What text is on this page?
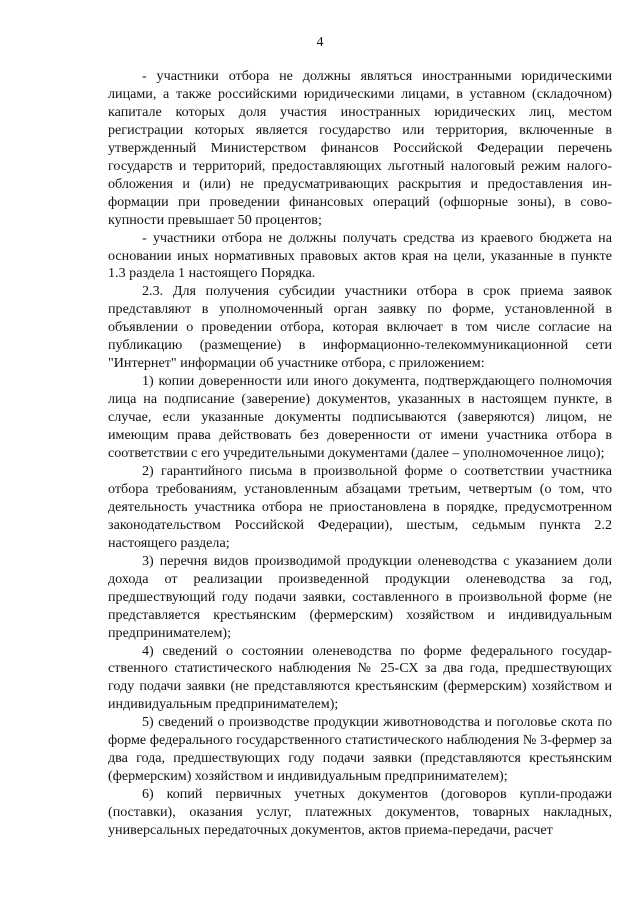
4

- участники отбора не должны являться иностранными юридическими лицами, а также российскими юридическими лицами, в уставном (складочном) капитале которых доля участия иностранных юридических лиц, местом регистрации которых является государство или территория, включенные в утвержденный Министерством финансов Российской Федерации перечень государств и территорий, предоставляющих льготный налоговый режим налогообложения и (или) не предусматривающих раскрытия и предоставления информации при проведении финансовых операций (офшорные зоны), в совокупности превышает 50 процентов;

- участники отбора не должны получать средства из краевого бюджета на основании иных нормативных правовых актов края на цели, указанные в пункте 1.3 раздела 1 настоящего Порядка.

2.3. Для получения субсидии участники отбора в срок приема заявок представляют в уполномоченный орган заявку по форме, установленной в объявлении о проведении отбора, которая включает в том числе согласие на публикацию (размещение) в информационно-телекоммуникационной сети "Интернет" информации об участнике отбора, с приложением:

1) копии доверенности или иного документа, подтверждающего полномочия лица на подписание (заверение) документов, указанных в настоящем пункте, в случае, если указанные документы подписываются (заверяются) лицом, не имеющим права действовать без доверенности от имени участника отбора в соответствии с его учредительными документами (далее – уполномоченное лицо);

2) гарантийного письма в произвольной форме о соответствии участника отбора требованиям, установленным абзацами третьим, четвертым (о том, что деятельность участника отбора не приостановлена в порядке, предусмотренном законодательством Российской Федерации), шестым, седьмым пункта 2.2 настоящего раздела;

3) перечня видов производимой продукции оленеводства с указанием доли дохода от реализации произведенной продукции оленеводства за год, предшествующий году подачи заявки, составленного в произвольной форме (не представляется крестьянским (фермерским) хозяйством и индивидуальным предпринимателем);

4) сведений о состоянии оленеводства по форме федерального государственного статистического наблюдения № 25-СХ за два года, предшествующих году подачи заявки (не представляются крестьянским (фермерским) хозяйством и индивидуальным предпринимателем);

5) сведений о производстве продукции животноводства и поголовье скота по форме федерального государственного статистического наблюдения № 3-фермер за два года, предшествующих году подачи заявки (представляются крестьянским (фермерским) хозяйством и индивидуальным предпринимателем);

6) копий первичных учетных документов (договоров купли-продажи (поставки), оказания услуг, платежных документов, товарных накладных, универсальных передаточных документов, актов приема-передачи, расчет
